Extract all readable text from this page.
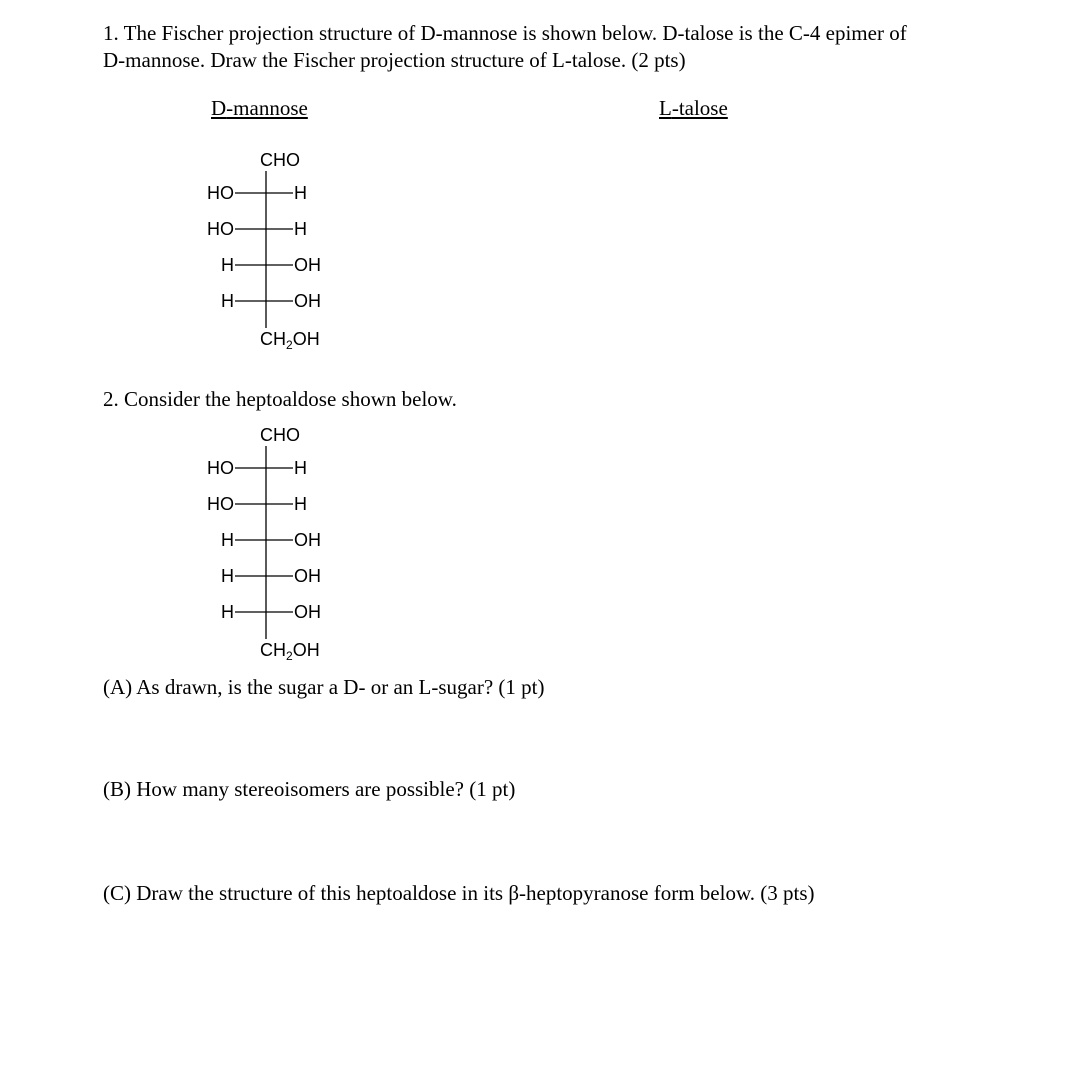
1. The Fischer projection structure of D-mannose is shown below. D-talose is the C-4 epimer of
D-mannose. Draw the Fischer projection structure of L-talose. (2 pts)
D-mannose	L-talose
CHO
HO	H
HO	H
H	OH
H	OH
$CH_2OH$
2. Consider the heptoaldose shown below.
CHO
HO	H
HO	H
H	OH
H	OH
H	OH
$CH_2OH$
(A) As drawn, is the sugar a D- or an L-sugar? (1 pt)
(B) How many stereoisomers are possible? (1 pt)
(C) Draw the structure of this heptoaldose in its β-heptopyranose form below. (3 pts)
